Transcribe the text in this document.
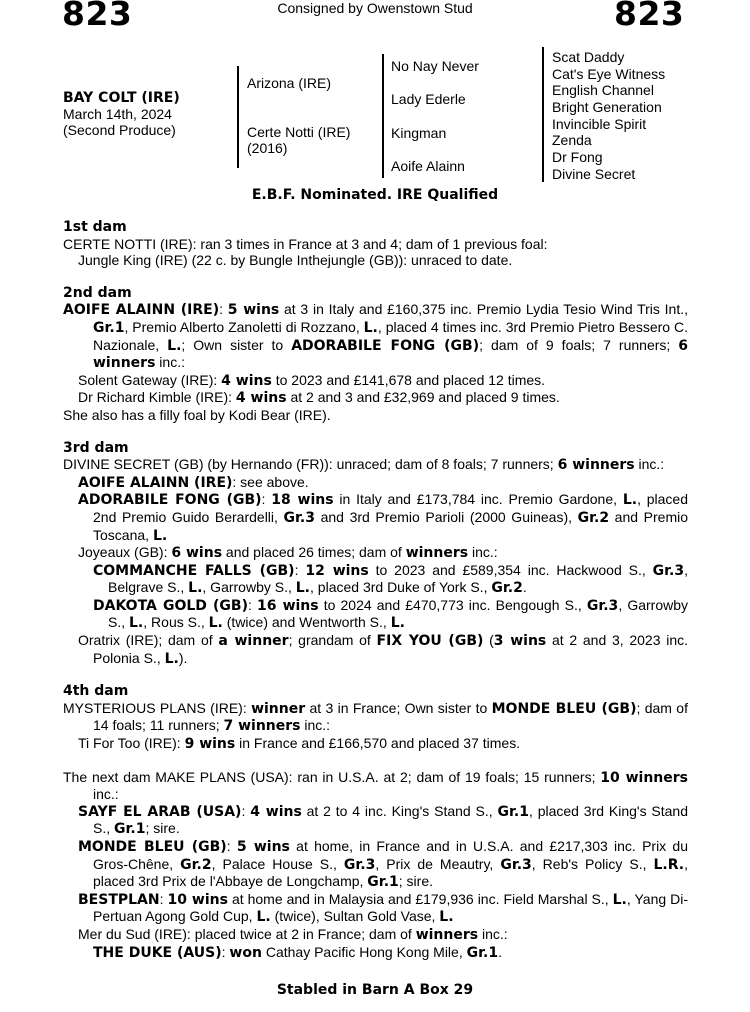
823	Consigned by Owenstown Stud	823
BAY COLT (IRE)
March 14th, 2024
(Second Produce)
Arizona (IRE)
Certe Notti (IRE)
(2016)
No Nay Never
Lady Ederle
Kingman
Aoife Alainn
Scat Daddy
Cat's Eye Witness
English Channel
Bright Generation
Invincible Spirit
Zenda
Dr Fong
Divine Secret
E.B.F. Nominated. IRE Qualified
1st dam

CERTE NOTTI (IRE): ran 3 times in France at 3 and 4; dam of 1 previous foal:

Jungle King (IRE) (22 c. by Bungle Inthejungle (GB)): unraced to date.

2nd dam

AOIFE ALAINN (IRE): 5 wins at 3 in Italy and £160,375 inc. Premio Lydia Tesio Wind Tris Int., Gr.1, Premio Alberto Zanoletti di Rozzano, L., placed 4 times inc. 3rd Premio Pietro Bessero C. Nazionale, L.; Own sister to ADORABILE FONG (GB); dam of 9 foals; 7 runners; 6 winners inc.:

Solent Gateway (IRE): 4 wins to 2023 and £141,678 and placed 12 times.

Dr Richard Kimble (IRE): 4 wins at 2 and 3 and £32,969 and placed 9 times.

She also has a filly foal by Kodi Bear (IRE).

3rd dam

DIVINE SECRET (GB) (by Hernando (FR)): unraced; dam of 8 foals; 7 runners; 6 winners inc.:

AOIFE ALAINN (IRE): see above.

ADORABILE FONG (GB): 18 wins in Italy and £173,784 inc. Premio Gardone, L., placed 2nd Premio Guido Berardelli, Gr.3 and 3rd Premio Parioli (2000 Guineas), Gr.2 and Premio Toscana, L.

Joyeaux (GB): 6 wins and placed 26 times; dam of winners inc.:

COMMANCHE FALLS (GB): 12 wins to 2023 and £589,354 inc. Hackwood S., Gr.3, Belgrave S., L., Garrowby S., L., placed 3rd Duke of York S., Gr.2.

DAKOTA GOLD (GB): 16 wins to 2024 and £470,773 inc. Bengough S., Gr.3, Garrowby S., L., Rous S., L. (twice) and Wentworth S., L.

Oratrix (IRE); dam of a winner; grandam of FIX YOU (GB) (3 wins at 2 and 3, 2023 inc. Polonia S., L.).

4th dam

MYSTERIOUS PLANS (IRE): winner at 3 in France; Own sister to MONDE BLEU (GB); dam of 14 foals; 11 runners; 7 winners inc.:

Ti For Too (IRE): 9 wins in France and £166,570 and placed 37 times.

The next dam MAKE PLANS (USA): ran in U.S.A. at 2; dam of 19 foals; 15 runners; 10 winners inc.:

SAYF EL ARAB (USA): 4 wins at 2 to 4 inc. King's Stand S., Gr.1, placed 3rd King's Stand S., Gr.1; sire.

MONDE BLEU (GB): 5 wins at home, in France and in U.S.A. and £217,303 inc. Prix du Gros-Chêne, Gr.2, Palace House S., Gr.3, Prix de Meautry, Gr.3, Reb's Policy S., L.R., placed 3rd Prix de l'Abbaye de Longchamp, Gr.1; sire.

BESTPLAN: 10 wins at home and in Malaysia and £179,936 inc. Field Marshal S., L., Yang Di- Pertuan Agong Gold Cup, L. (twice), Sultan Gold Vase, L.

Mer du Sud (IRE): placed twice at 2 in France; dam of winners inc.:

THE DUKE (AUS): won Cathay Pacific Hong Kong Mile, Gr.1.

Stabled in Barn A Box 29
